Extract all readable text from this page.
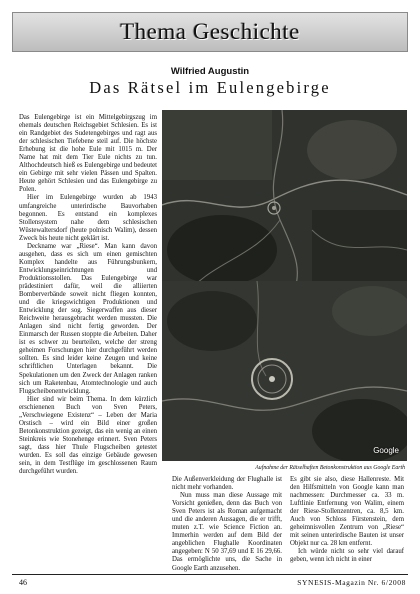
Thema Geschichte
Wilfried Augustin
Das Rätsel im Eulengebirge

Das Eulengebirge ist ein Mittelgebirgszug im ehemals deutschen Reichsgebiet Schlesien. Es ist ein Randgebiet des Sudetengebirges und ragt aus der schlesischen Tiefebene steil auf. Die höchste Erhebung ist die hohe Eule mit 1015 m. Der Name hat mit dem Tier Eule nichts zu tun. Althochdeutsch hieß es Eulengebirge und bedeutet ein Gebirge mit sehr vielen Pässen und Spalten. Heute gehört Schlesien und das Eulengebirge zu Polen.

Hier im Eulengebirge wurden ab 1943 umfangreiche unterirdische Bauvorhaben begonnen. Es entstand ein komplexes Stollensystem nahe dem schlesischen Wüstewaltersdorf (heute polnisch Walim), dessen Zweck bis heute nicht geklärt ist.

Deckname war „Riese“. Man kann davon ausgehen, dass es sich um einen gemischten Komplex handelte aus Führungsbunkern, Entwicklungseinrichtungen und Produktionsstollen. Das Eulengebirge war prädestiniert dafür, weil die alliierten Bomberverbände soweit nicht fliegen konnten, und die kriegswichtigen Produktionen und Entwicklung der sog. Siegerwaffen aus dieser Reichweite herausgebracht werden mussten. Die Anlagen sind nicht fertig geworden. Der Einmarsch der Russen stoppte die Arbeiten. Daher ist es schwer zu beurteilen, welche der streng geheimen Forschungen hier durchgeführt werden sollten. Es sind leider keine Zeugen und keine schriftlichen Unterlagen bekannt. Die Spekulationen um den Zweck der Anlagen ranken sich um Raketenbau, Atomtechnologie und auch Flugscheibenentwicklung.

Hier sind wir beim Thema. In dem kürzlich erschienenen Buch von Sven Peters, „Verschwiegene Existenz“ – Leben der Maria Orstisch – wird ein Bild einer großen Betonkonstruktion gezeigt, das ein wenig an einen Steinkreis wie Stonehenge erinnert. Sven Peters sagt, dass hier Thule Flugscheiben getestet wurden. Es soll das einzige Gebäude gewesen sein, in dem Testflüge im geschlossenen Raum durchgeführt wurden.

Google
Aufnahme der Rätselhaften Betonkonstruktion aus Google Earth

Die Außenverkleidung der Flughalle ist nicht mehr vorhanden.

Nun muss man diese Aussage mit Vorsicht genießen, denn das Buch von Sven Peters ist als Roman aufgemacht und die anderen Aussagen, die er trifft, muten z.T. wie Science Fiction an. Immerhin werden auf dem Bild der angeblichen Flughalle Koordinaten angegeben: N 50 37,69 und E 16 29,66. Das ermöglichte uns, die Sache in Google Earth anzusehen.

Es gibt sie also, diese Hallenreste. Mit den Hilfsmitteln von Google kann man nachmessen: Durchmesser ca. 33 m. Luftlinie Entfernung von Walim, einem der Riese-Stollenzentren, ca. 8,5 km. Auch von Schloss Fürstenstein, dem geheimnisvollen Zentrum von „Riese“ mit seinen unterirdische Bauten ist unser Objekt nur ca. 28 km entfernt.

Ich würde nicht so sehr viel darauf geben, wenn ich nicht in einer

46	SYNESIS-Magazin Nr. 6/2008
